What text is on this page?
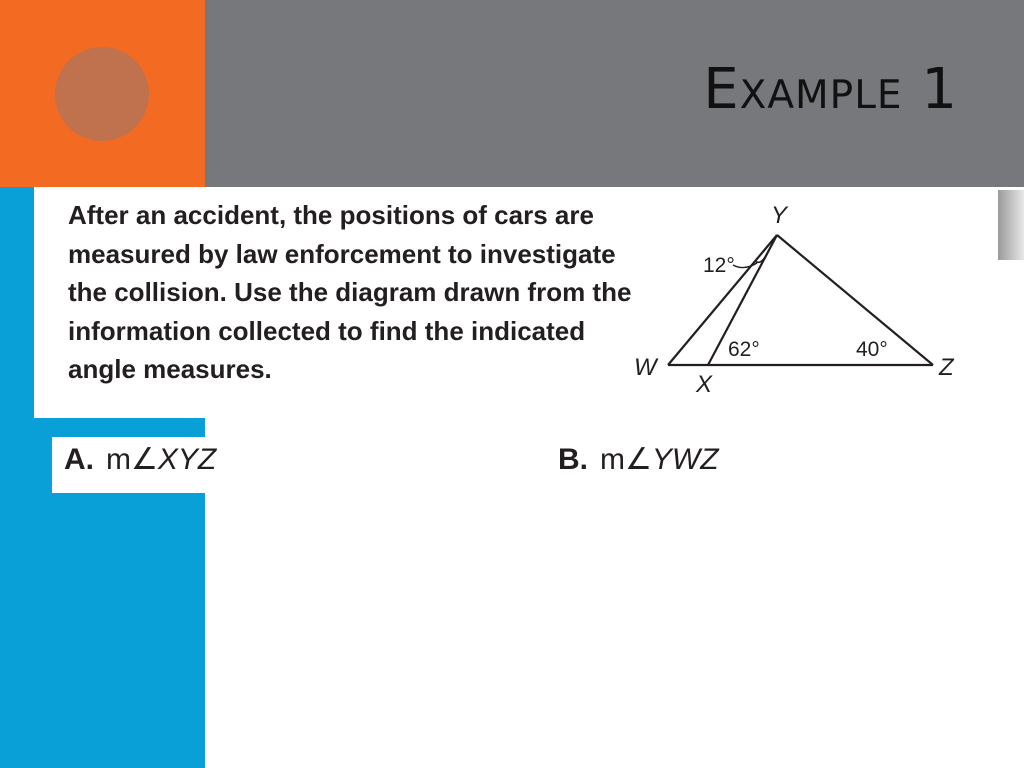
Example 1

After an accident, the positions of cars are measured by law enforcement to investigate the collision. Use the diagram drawn from the information collected to find the indicated angle measures.

Y
W
X
Z
12°
62°	40°
A. m∠XYZ	B. m∠YWZ
